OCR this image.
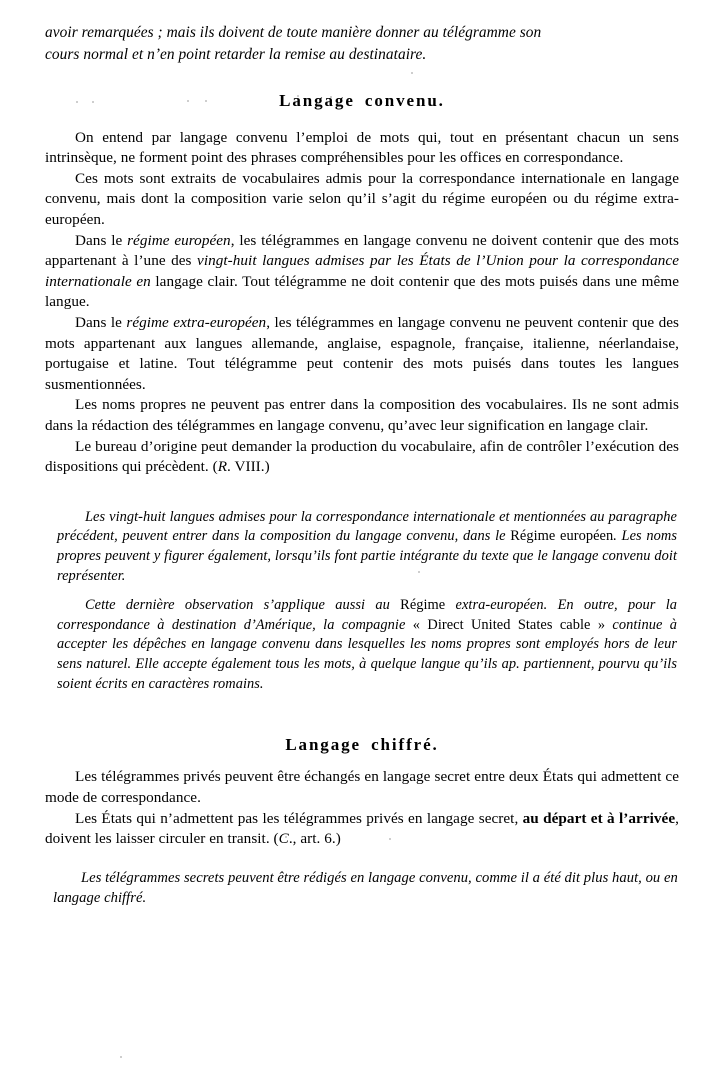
avoir remarquées ; mais ils doivent de toute manière donner au télégramme son
cours normal et n’en point retarder la remise au destinataire.

Langage convenu.

On entend par langage convenu l’emploi de mots qui, tout en présentant chacun un sens intrinsèque, ne forment point des phrases compréhensibles pour les offices en correspondance.

Ces mots sont extraits de vocabulaires admis pour la correspondance internationale en langage convenu, mais dont la composition varie selon qu’il s’agit du régime européen ou du régime extra-européen.

Dans le régime européen, les télégrammes en langage convenu ne doivent contenir que des mots appartenant à l’une des vingt-huit langues admises par les États de l’Union pour la correspondance internationale en langage clair. Tout télégramme ne doit contenir que des mots puisés dans une même langue.

Dans le régime extra-européen, les télégrammes en langage convenu ne peuvent contenir que des mots appartenant aux langues allemande, anglaise, espagnole, française, italienne, néerlandaise, portugaise et latine. Tout télégramme peut contenir des mots puisés dans toutes les langues susmentionnées.

Les noms propres ne peuvent pas entrer dans la composition des vocabulaires. Ils ne sont admis dans la rédaction des télégrammes en langage convenu, qu’avec leur signification en langage clair.

Le bureau d’origine peut demander la production du vocabulaire, afin de contrôler l’exécution des dispositions qui précèdent. (R. VIII.)

Les vingt-huit langues admises pour la correspondance internationale et mentionnées au paragraphe précédent, peuvent entrer dans la composition du langage convenu, dans le Régime européen. Les noms propres peuvent y figurer également, lorsqu’ils font partie intégrante du texte que le langage convenu doit représenter.

Cette dernière observation s’applique aussi au Régime extra-européen. En outre, pour la correspondance à destination d’Amérique, la compagnie « Direct United States cable » continue à accepter les dépêches en langage convenu dans lesquelles les noms propres sont employés hors de leur sens naturel. Elle accepte également tous les mots, à quelque langue qu’ils ap. partiennent, pourvu qu’ils soient écrits en caractères romains.

Langage chiffré.

Les télégrammes privés peuvent être échangés en langage secret entre deux États qui admettent ce mode de correspondance.

Les États qui n’admettent pas les télégrammes privés en langage secret, au départ et à l’arrivée, doivent les laisser circuler en transit. (C., art. 6.)

Les télégrammes secrets peuvent être rédigés en langage convenu, comme il a été dit plus haut, ou en langage chiffré.
